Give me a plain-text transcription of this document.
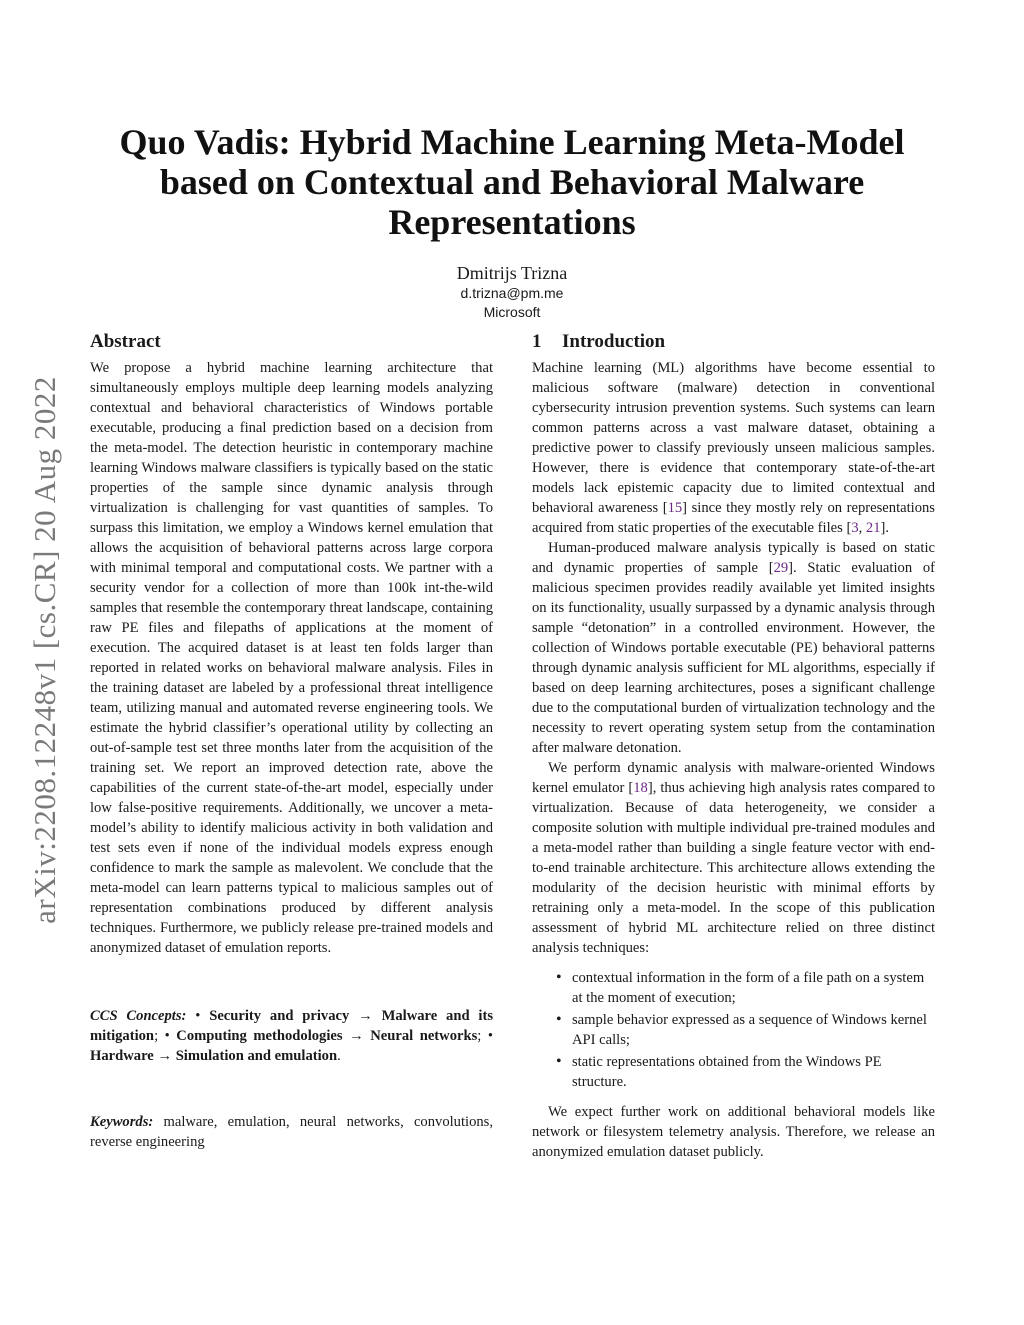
arXiv:2208.12248v1 [cs.CR] 20 Aug 2022
Quo Vadis: Hybrid Machine Learning Meta-Model based on Contextual and Behavioral Malware Representations
Dmitrijs Trizna
d.trizna@pm.me
Microsoft
Abstract

We propose a hybrid machine learning architecture that simultaneously employs multiple deep learning models analyzing contextual and behavioral characteristics of Windows portable executable, producing a final prediction based on a decision from the meta-model. The detection heuristic in contemporary machine learning Windows malware classifiers is typically based on the static properties of the sample since dynamic analysis through virtualization is challenging for vast quantities of samples. To surpass this limitation, we employ a Windows kernel emulation that allows the acquisition of behavioral patterns across large corpora with minimal temporal and computational costs. We partner with a security vendor for a collection of more than 100k int-the-wild samples that resemble the contemporary threat landscape, containing raw PE files and filepaths of applications at the moment of execution. The acquired dataset is at least ten folds larger than reported in related works on behavioral malware analysis. Files in the training dataset are labeled by a professional threat intelligence team, utilizing manual and automated reverse engineering tools. We estimate the hybrid classifier’s operational utility by collecting an out-of-sample test set three months later from the acquisition of the training set. We report an improved detection rate, above the capabilities of the current state-of-the-art model, especially under low false-positive requirements. Additionally, we uncover a meta-model’s ability to identify malicious activity in both validation and test sets even if none of the individual models express enough confidence to mark the sample as malevolent. We conclude that the meta-model can learn patterns typical to malicious samples out of representation combinations produced by different analysis techniques. Furthermore, we publicly release pre-trained models and anonymized dataset of emulation reports.

CCS Concepts: • Security and privacy → Malware and its mitigation; • Computing methodologies → Neural networks; • Hardware → Simulation and emulation.

Keywords: malware, emulation, neural networks, convolutions, reverse engineering

1 Introduction

Machine learning (ML) algorithms have become essential to malicious software (malware) detection in conventional cybersecurity intrusion prevention systems. Such systems can learn common patterns across a vast malware dataset, obtaining a predictive power to classify previously unseen malicious samples. However, there is evidence that contemporary state-of-the-art models lack epistemic capacity due to limited contextual and behavioral awareness [15] since they mostly rely on representations acquired from static properties of the executable files [3, 21].

Human-produced malware analysis typically is based on static and dynamic properties of sample [29]. Static evaluation of malicious specimen provides readily available yet limited insights on its functionality, usually surpassed by a dynamic analysis through sample “detonation” in a controlled environment. However, the collection of Windows portable executable (PE) behavioral patterns through dynamic analysis sufficient for ML algorithms, especially if based on deep learning architectures, poses a significant challenge due to the computational burden of virtualization technology and the necessity to revert operating system setup from the contamination after malware detonation.

We perform dynamic analysis with malware-oriented Windows kernel emulator [18], thus achieving high analysis rates compared to virtualization. Because of data heterogeneity, we consider a composite solution with multiple individual pre-trained modules and a meta-model rather than building a single feature vector with end-to-end trainable architecture. This architecture allows extending the modularity of the decision heuristic with minimal efforts by retraining only a meta-model. In the scope of this publication assessment of hybrid ML architecture relied on three distinct analysis techniques:

• contextual information in the form of a file path on a system at the moment of execution;
• sample behavior expressed as a sequence of Windows kernel API calls;
• static representations obtained from the Windows PE structure.

We expect further work on additional behavioral models like network or filesystem telemetry analysis. Therefore, we release an anonymized emulation dataset publicly.
